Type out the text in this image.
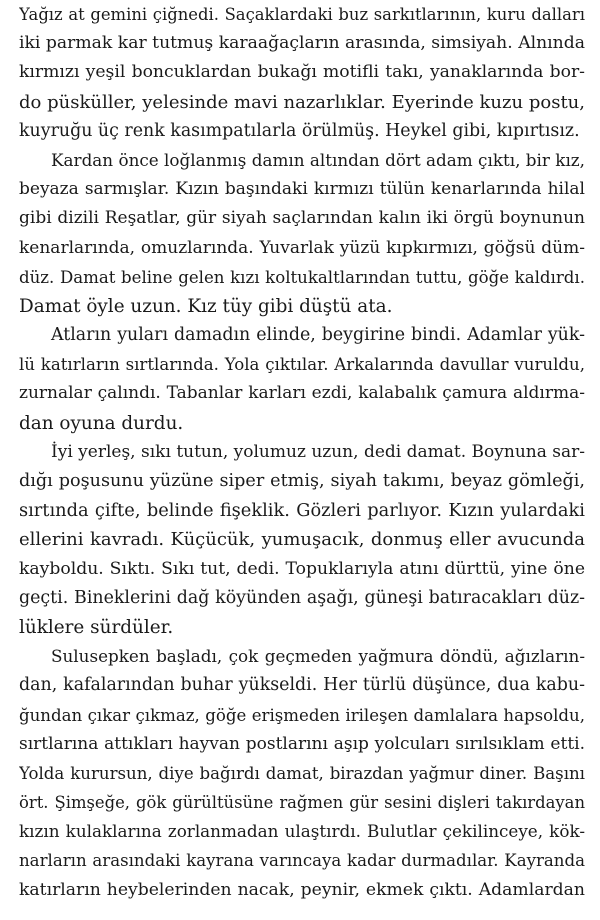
Yağız at gemini çiğnedi. Saçaklardaki buz sarkıtlarının, kuru dalları
iki parmak kar tutmuş karaağaçların arasında, simsiyah. Alnında
kırmızı yeşil boncuklardan bukağı motifli takı, yanaklarında bor-
do püsküller, yelesinde mavi nazarlıklar. Eyerinde kuzu postu,
kuyruğu üç renk kasımpatılarla örülmüş. Heykel gibi, kıpırtısız.
Kardan önce loğlanmış damın altından dört adam çıktı, bir kız,
beyaza sarmışlar. Kızın başındaki kırmızı tülün kenarlarında hilal
gibi dizili Reşatlar, gür siyah saçlarından kalın iki örgü boynunun
kenarlarında, omuzlarında. Yuvarlak yüzü kıpkırmızı, göğsü düm-
düz. Damat beline gelen kızı koltukaltlarından tuttu, göğe kaldırdı.
Damat öyle uzun. Kız tüy gibi düştü ata.
Atların yuları damadın elinde, beygirine bindi. Adamlar yük-
lü katırların sırtlarında. Yola çıktılar. Arkalarında davullar vuruldu,
zurnalar çalındı. Tabanlar karları ezdi, kalabalık çamura aldırma-
dan oyuna durdu.
İyi yerleş, sıkı tutun, yolumuz uzun, dedi damat. Boynuna sar-
dığı poşusunu yüzüne siper etmiş, siyah takımı, beyaz gömleği,
sırtında çifte, belinde fişeklik. Gözleri parlıyor. Kızın yulardaki
ellerini kavradı. Küçücük, yumuşacık, donmuş eller avucunda
kayboldu. Sıktı. Sıkı tut, dedi. Topuklarıyla atını dürttü, yine öne
geçti. Bineklerini dağ köyünden aşağı, güneşi batıracakları düz-
lüklere sürdüler.
Sulusepken başladı, çok geçmeden yağmura döndü, ağızların-
dan, kafalarından buhar yükseldi. Her türlü düşünce, dua kabu-
ğundan çıkar çıkmaz, göğe erişmeden irileşen damlalara hapsoldu,
sırtlarına attıkları hayvan postlarını aşıp yolcuları sırılsıklam etti.
Yolda kurursun, diye bağırdı damat, birazdan yağmur diner. Başını
ört. Şimşeğe, gök gürültüsüne rağmen gür sesini dişleri takırdayan
kızın kulaklarına zorlanmadan ulaştırdı. Bulutlar çekilinceye, kök-
narların arasındaki kayrana varıncaya kadar durmadılar. Kayranda
katırların heybelerinden nacak, peynir, ekmek çıktı. Adamlardan
